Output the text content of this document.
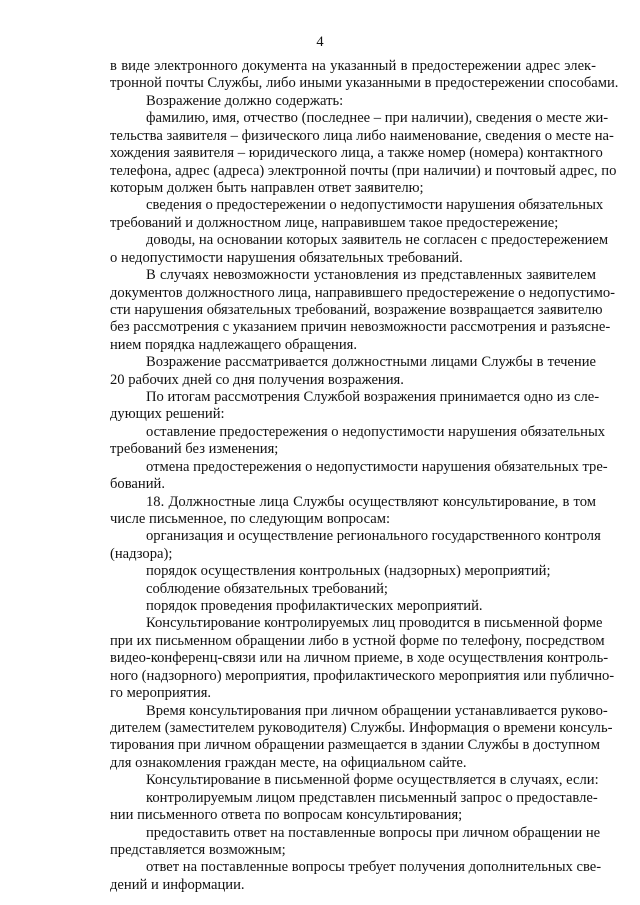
4
в виде электронного документа на указанный в предостережении адрес элек-
тронной почты Службы, либо иными указанными в предостережении способами.
Возражение должно содержать:
фамилию, имя, отчество (последнее – при наличии), сведения о месте жи-
тельства заявителя – физического лица либо наименование, сведения о месте на-
хождения заявителя – юридического лица, а также номер (номера) контактного
телефона, адрес (адреса) электронной почты (при наличии) и почтовый адрес, по
которым должен быть направлен ответ заявителю;
сведения о предостережении о недопустимости нарушения обязательных
требований и должностном лице, направившем такое предостережение;
доводы, на основании которых заявитель не согласен с предостережением
о недопустимости нарушения обязательных требований.
В случаях невозможности установления из представленных заявителем
документов должностного лица, направившего предостережение о недопустимо-
сти нарушения обязательных требований, возражение возвращается заявителю
без рассмотрения с указанием причин невозможности рассмотрения и разъясне-
нием порядка надлежащего обращения.
Возражение рассматривается должностными лицами Службы в течение
20 рабочих дней со дня получения возражения.
По итогам рассмотрения Службой возражения принимается одно из сле-
дующих решений:
оставление предостережения о недопустимости нарушения обязательных
требований без изменения;
отмена предостережения о недопустимости нарушения обязательных тре-
бований.
18. Должностные лица Службы осуществляют консультирование, в том
числе письменное, по следующим вопросам:
организация и осуществление регионального государственного контроля
(надзора);
порядок осуществления контрольных (надзорных) мероприятий;
соблюдение обязательных требований;
порядок проведения профилактических мероприятий.
Консультирование контролируемых лиц проводится в письменной форме
при их письменном обращении либо в устной форме по телефону, посредством
видео-конференц-связи или на личном приеме, в ходе осуществления контроль-
ного (надзорного) мероприятия, профилактического мероприятия или публично-
го мероприятия.
Время консультирования при личном обращении устанавливается руково-
дителем (заместителем руководителя) Службы. Информация о времени консуль-
тирования при личном обращении размещается в здании Службы в доступном
для ознакомления граждан месте, на официальном сайте.
Консультирование в письменной форме осуществляется в случаях, если:
контролируемым лицом представлен письменный запрос о предоставле-
нии письменного ответа по вопросам консультирования;
предоставить ответ на поставленные вопросы при личном обращении не
представляется возможным;
ответ на поставленные вопросы требует получения дополнительных све-
дений и информации.
